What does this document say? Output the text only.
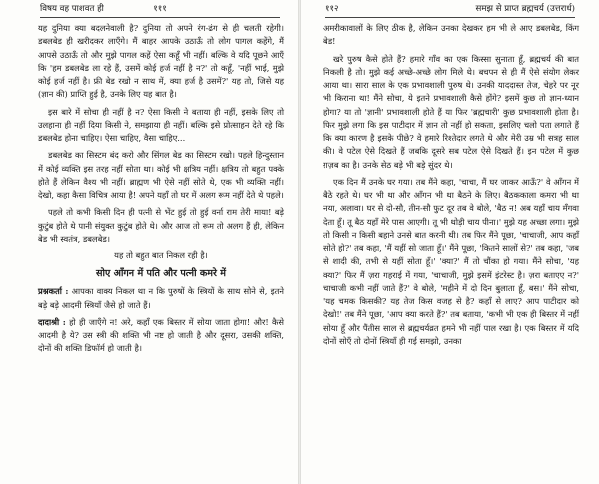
विषय वह पाशवत ही	१११

यह दुनिया क्या बदलनेवाली है? दुनिया तो अपने रंग-ढंग से ही चलती रहेगी। डबलबेड ही खरीदकर लाएँगे। मैं बाहर आपके उठाऊँ तो लोग पागल कहेंगे, मैं आपसे उठाऊँ तो और मुझे पागल कहें ऐसा कहूँ भी नहीं। बल्कि वे यदि पूछने आएँ कि 'हम डबलबेड ला रहे हैं, उसमें कोई हर्ज नहीं है न?' तो कहूँ, 'नहीं भाई, मुझे कोई हर्ज नहीं है। फ्री बेड रखो न साथ में, क्या हर्ज है उसमें?' यह तो, जिसे यह (ज्ञान की) प्राप्ति हुई है, उनके लिए यह बात है।

इस बारे में सोचा ही नहीं है न? ऐसा किसी ने बताया ही नहीं, इसके लिए तो उलहाना ही नहीं दिया किसी ने, समझाया ही नहीं। बल्कि इसे प्रोत्साहन देते रहे कि डबलबेड होना चाहिए। ऐसा चाहिए, वैसा चाहिए...

डबलबेड का सिस्टम बंद करो और सिंगल बेड का सिस्टम रखो। पहले हिन्दुस्तान में कोई व्यक्ति इस तरह नहीं सोता था। कोई भी क्षत्रिय नहीं। क्षत्रिय तो बहुत पक्के होते हैं लेकिन वैश्य भी नहीं। ब्राह्मण भी ऐसे नहीं सोते थे, एक भी व्यक्ति नहीं। देखो, कहा कैसा विचित्र आया है! अपने यहाँ तो घर में अलग रूम नहीं देते थे पहले।

पहले तो कभी किसी दिन ही पत्नी से भेंट हुई तो हुई वर्ना राम तेरी माया! बड़े कुटुंब होते थे पानी संयुक्त कुटुंब होते थे। और आज तो रूम तो अलग हैं ही, लेकिन बेड भी स्वतंत्र, डबलबेड।

यह तो बहुत बात निकल रही है।
सोए आँगन में पति और पत्नी कमरे में

प्रश्नकर्ता : आपका वाक्य निकल था न कि पुरुषों के स्त्रियों के साथ सोने से, इतने बड़े बड़े आदमी स्त्रियाँ जैसे हो जाते हैं।

दादाश्री : हो ही जाएँगे न! अरे, कहाँ एक बिस्तर में सोया जाता होगा! और! कैसे आदमी है ये? उस स्त्री की शक्ति भी नष्ट हो जाती है और दूसरा, उसकी शक्ति, दोनों की शक्ति डिफॉर्म हो जाती है।

११२	समझ से प्राप्त ब्रह्मचर्य (उत्तरार्ध)

अमरीकावालों के लिए ठीक है, लेकिन उनका देखकर हम भी ले आए डबलबेड, किंग बेड!

खरे पुरुष कैसे होते हैं? हमारे गाँव का एक किस्सा सुनाता हूँ, ब्रह्मचर्य की बात निकली है तो। मुझे कई अच्छे-अच्छे लोग मिले थे। बचपन से ही मैं ऐसे संयोग लेकर आया था। सारा साल के एक प्रभावशाली पुरुष थे। उनकी याददास्त तेज, चेहरे पर नूर भी किराना था! मैंने सोचा, ये इतने प्रभावशाली कैसे होंगे? इसमें कुछ तो ज्ञान-ध्यान होगा? या तो 'ज्ञानी' प्रभावशाली होते हैं या फिर 'ब्रह्मचारी' कुछ प्रभावशाली होता है। फिर मुझे लगा कि इस पाटीदार में ज्ञान तो नहीं हो सकता, इसलिए चलो पता लगाते हैं कि क्या कारण है इसके पीछे? वे हमारे रिश्तेदार लगते थे और मेरी उम्र भी सत्रह साल की। वे पटेल ऐसे दिखते हैं जबकि दूसरे सब पटेल ऐसे दिखते हैं। इन पटेल में कुछ ग़ज़ब का है। उनके सेठ बड़े भी बड़े सुंदर थे।

एक दिन मैं उनके घर गया। तब मैंने कहा, 'चाचा, मैं घर जाकर आऊँ?' वे आँगन में बैठे रहते थे। घर भी था और आँगन भी था बैठने के लिए। बैठककाला कमरा भी था नया, अलावा। घर से दो-सौ, तीन-सौ फुट दूर तब वे बोले, 'बैठ न! अब यहाँ चाय मँगवा देता हूँ। तू बैठ यहाँ मेरे पास आएगी। तू भी थोड़ी चाय पीना।' मुझे यह अच्छा लगा। मुझे तो किसी न किसी बहाने उनसे बात करनी थी। तब फिर मैंने पूछा, 'चाचाजी, आप कहाँ सोते हो?' तब कहा, 'मैं यहीं सो जाता हूँ।' मैंने पूछा, 'कितने सालों से?' तब कहा, 'जब से शादी की, तभी से यहीं सोता हूँ।' 'क्या?' मैं तो चौंका हो गया। मैंने सोचा, 'यह क्या?' फिर मैं ज़रा गहराई में गया, 'चाचाजी, मुझे इसमें इंटरेस्ट है। ज़रा बताएए न?' चाचाजी कभी नहीं जाते हैं?' वे बोले, 'महीने में दो दिन बुलाता हूँ, बस।' मैंने सोचा, 'यह चमक किसकी? यह तेज किस वजह से है? कहाँ से लाए? आप पाटीदार को देखो!' तब मैंने पूछा, 'आप क्या करते हैं?' तब बताया, 'कभी भी एक ही बिस्तर में नहीं सोया हूँ और पैंतीस साल से ब्रह्मचर्यव्रत हमने भी नहीं पाल रखा है। एक बिस्तर में यदि दोनों सोएँ तो दोनों स्त्रियाँ ही गई समझो, उनका
